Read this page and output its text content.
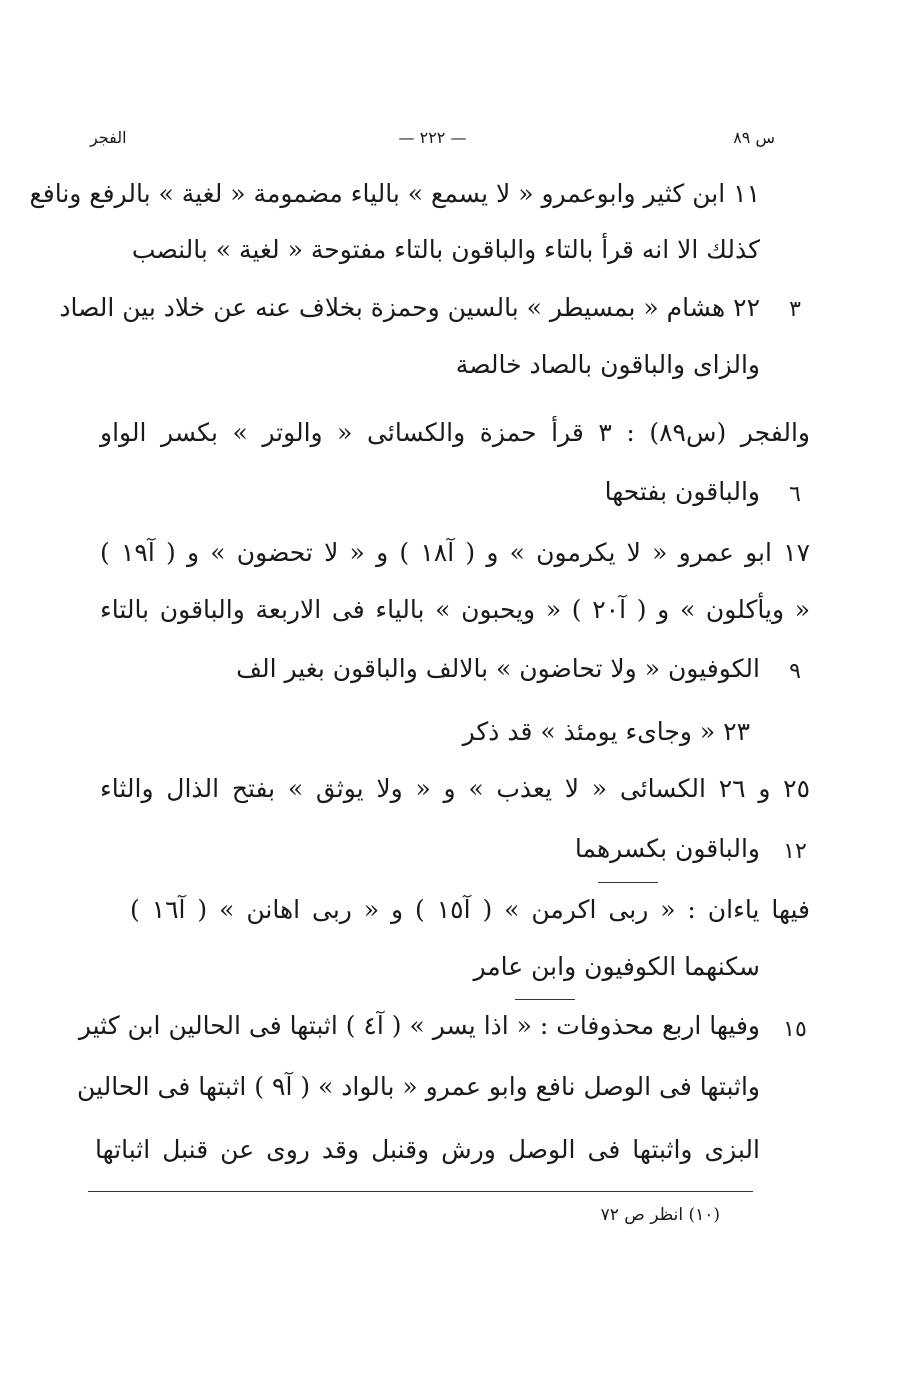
س ٨٩
— ٢٢٢ —
الفجر
١١ ابن كثير وابوعمرو « لا يسمع » بالياء مضمومة « لغية » بالرفع ونافع
كذلك الا انه قرأ بالتاء والباقون بالتاء مفتوحة « لغية » بالنصب
٣
٢٢ هشام « بمسيطر » بالسين وحمزة بخلاف عنه عن خلاد بين الصاد
والزاى والباقون بالصاد خالصة
والفجر (س٨٩) : ٣ قرأ حمزة والكسائى « والوتر » بكسر الواو
٦
والباقون بفتحها
١٧ ابو عمرو « لا يكرمون » و ( آ١٨ ) و « لا تحضون » و ( آ١٩ )
« ويأكلون » و ( آ٢٠ ) « ويحبون » بالياء فى الاربعة والباقون بالتاء
٩
الكوفيون « ولا تحاضون » بالالف والباقون بغير الف
٢٣ « وجاىء يومئذ » قد ذكر
٢٥ و ٢٦ الكسائى « لا يعذب » و « ولا يوثق » بفتح الذال والثاء
١٢
والباقون بكسرهما
فيها ياءان : « ربى اكرمن » ( آ١٥ ) و « ربى اهانن » ( آ١٦ )
سكنهما الكوفيون وابن عامر
١٥
وفيها اربع محذوفات : « اذا يسر » ( آ٤ ) اثبتها فى الحالين ابن كثير
واثبتها فى الوصل نافع وابو عمرو « بالواد » ( آ٩ ) اثبتها فى الحالين
البزى واثبتها فى الوصل ورش وقنبل وقد روى عن قنبل اثباتها
(١٠) انظر ص ٧٢
